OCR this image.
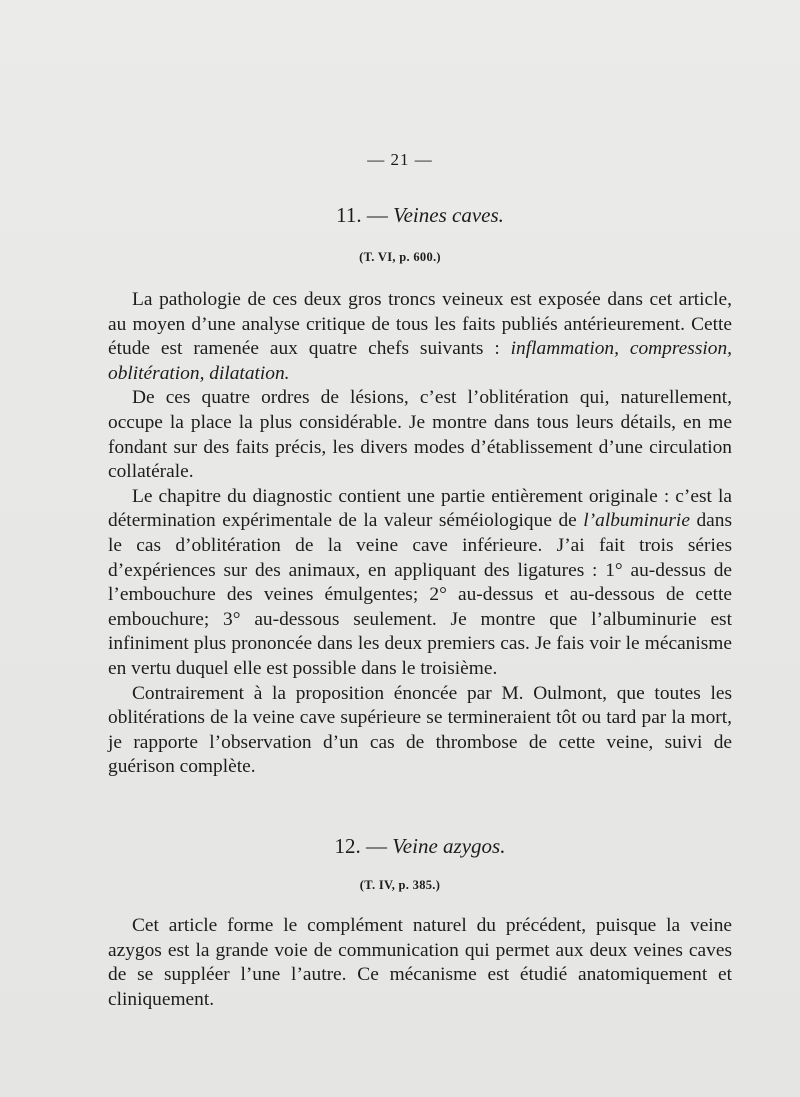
— 21 —
11. — Veines caves.
(T. VI, p. 600.)

La pathologie de ces deux gros troncs veineux est exposée dans cet article, au moyen d’une analyse critique de tous les faits publiés antérieurement. Cette étude est ramenée aux quatre chefs suivants : inflammation, compression, oblitération, dilatation.

De ces quatre ordres de lésions, c’est l’oblitération qui, naturellement, occupe la place la plus considérable. Je montre dans tous leurs détails, en me fondant sur des faits précis, les divers modes d’établissement d’une circulation collatérale.

Le chapitre du diagnostic contient une partie entièrement originale : c’est la détermination expérimentale de la valeur séméiologique de l’albuminurie dans le cas d’oblitération de la veine cave inférieure. J’ai fait trois séries d’expériences sur des animaux, en appliquant des ligatures : 1° au-dessus de l’embouchure des veines émulgentes; 2° au-dessus et au-dessous de cette embouchure; 3° au-dessous seulement. Je montre que l’albuminurie est infiniment plus prononcée dans les deux premiers cas. Je fais voir le mécanisme en vertu duquel elle est possible dans le troisième.

Contrairement à la proposition énoncée par M. Oulmont, que toutes les oblitérations de la veine cave supérieure se termineraient tôt ou tard par la mort, je rapporte l’observation d’un cas de thrombose de cette veine, suivi de guérison complète.

12. — Veine azygos.
(T. IV, p. 385.)

Cet article forme le complément naturel du précédent, puisque la veine azygos est la grande voie de communication qui permet aux deux veines caves de se suppléer l’une l’autre. Ce mécanisme est étudié anatomiquement et cliniquement.
